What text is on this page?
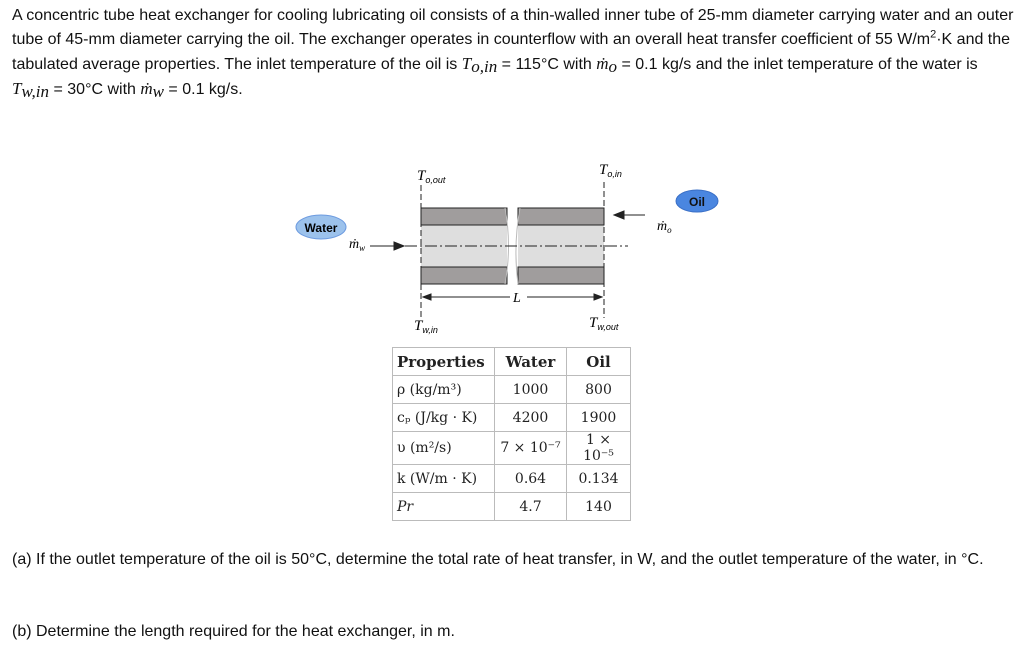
A concentric tube heat exchanger for cooling lubricating oil consists of a thin-walled inner tube of 25-mm diameter carrying water and an outer tube of 45-mm diameter carrying the oil. The exchanger operates in counterflow with an overall heat transfer coefficient of 55 $W/m^2\cdot K$ and the tabulated average properties. The inlet temperature of the oil is $T_{o,in} = 115^\circ C$ with ṁ$_o$ = 0.1 kg/s and the inlet temperature of the water is $T_{w,in} = 30^\circ C$ with ṁ$_w$ = 0.1 kg/s.
L
$T_{o,out}$
$T_{o,in}$
$T_{w,in}$	$T_{w,out}$
Water
ṁ$_w$
Oil
ṁ$_o$
Properties	Water	Oil
ρ (kg/m³)	1000	800
cₚ (J/kg · K)	4200	1900
υ (m²/s)	7 × 10⁻⁷	1 × 10⁻⁵
k (W/m · K)	0.64	0.134
Pr	4.7	140
(a) If the outlet temperature of the oil is 50°C, determine the total rate of heat transfer, in W, and the outlet temperature of the water, in °C.
(b) Determine the length required for the heat exchanger, in m.
